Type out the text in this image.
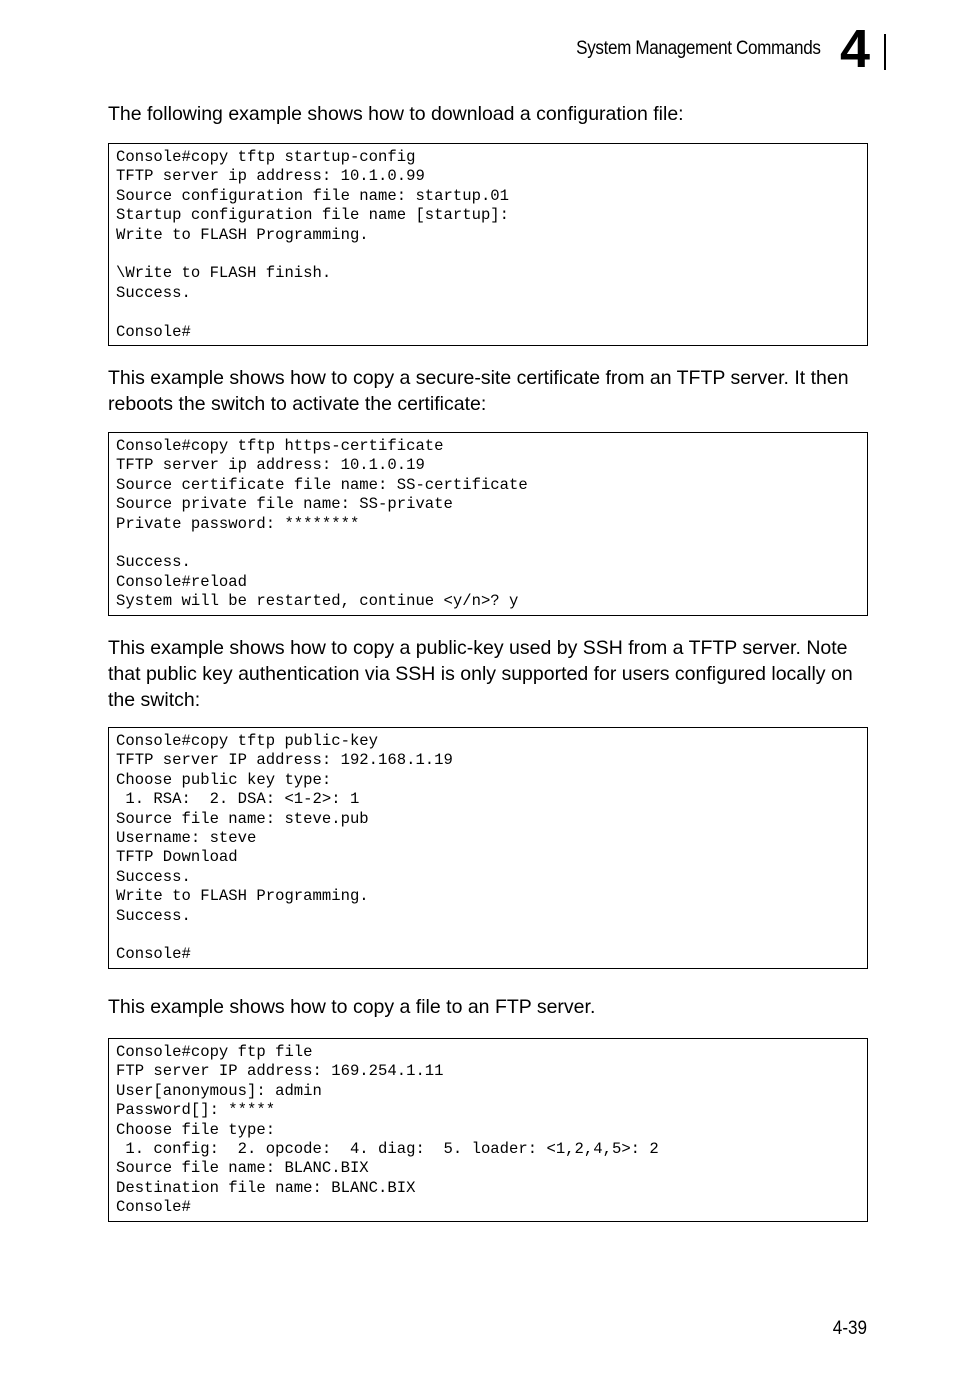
System Management Commands 4
The following example shows how to download a configuration file:
Console#copy tftp startup-config
TFTP server ip address: 10.1.0.99
Source configuration file name: startup.01
Startup configuration file name [startup]:
Write to FLASH Programming.
\Write to FLASH finish.
Success.
Console#
This example shows how to copy a secure-site certificate from an TFTP server. It then reboots the switch to activate the certificate:
Console#copy tftp https-certificate
TFTP server ip address: 10.1.0.19
Source certificate file name: SS-certificate
Source private file name: SS-private
Private password: ********
Success.
Console#reload
System will be restarted, continue <y/n>? y
This example shows how to copy a public-key used by SSH from a TFTP server. Note that public key authentication via SSH is only supported for users configured locally on the switch:
Console#copy tftp public-key
TFTP server IP address: 192.168.1.19
Choose public key type:
1. RSA:  2. DSA: <1-2>: 1
Source file name: steve.pub
Username: steve
TFTP Download
Success.
Write to FLASH Programming.
Success.
Console#
This example shows how to copy a file to an FTP server.
Console#copy ftp file
FTP server IP address: 169.254.1.11
User[anonymous]: admin
Password[]: *****
Choose file type:
1. config:  2. opcode:  4. diag:  5. loader: <1,2,4,5>: 2
Source file name: BLANC.BIX
Destination file name: BLANC.BIX
Console#
4-39
